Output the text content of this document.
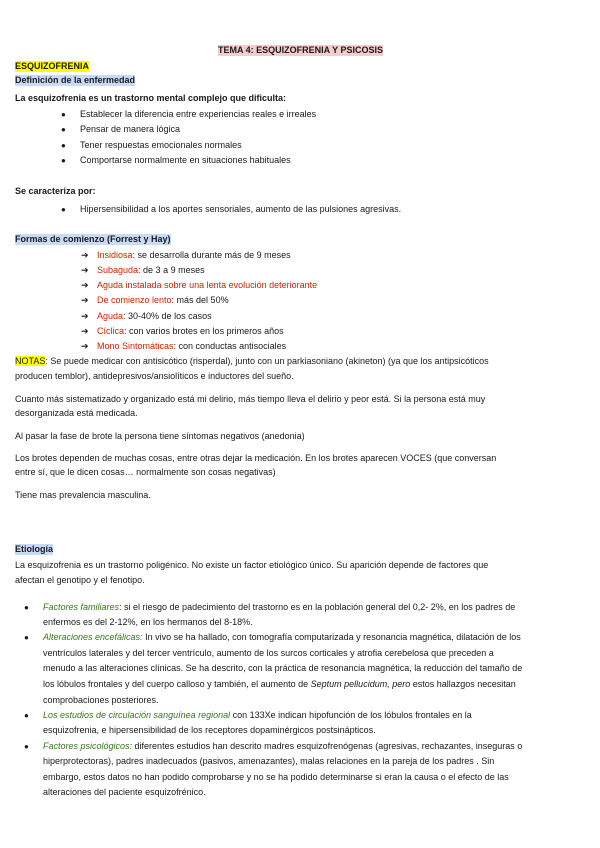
TEMA 4: ESQUIZOFRENIA Y PSICOSIS
ESQUIZOFRENIA
Definición de la enfermedad
La esquizofrenia es un trastorno mental complejo que dificulta:
● Establecer la diferencia entre experiencias reales e irreales
● Pensar de manera lógica
● Tener respuestas emocionales normales
● Comportarse normalmente en situaciones habituales
Se caracteriza por:
● Hipersensibilidad a los aportes sensoriales, aumento de las pulsiones agresivas.
Formas de comienzo (Forrest y Hay)
➔ Insidiosa: se desarrolla durante más de 9 meses
➔ Subaguda: de 3 a 9 meses
➔ Aguda instalada sobre una lenta evolución deteriorante
➔ De comienzo lento: más del 50%
➔ Aguda: 30-40% de los casos
➔ Cíclica: con varios brotes en los primeros años
➔ Mono Sintomáticas: con conductas antisociales
NOTAS: Se puede medicar con antisicótico (risperdal), junto con un parkiasoniano (akineton) (ya que los antipsicóticos
producen temblor), antidepresivos/ansiolíticos e inductores del sueño.
Cuanto más sistematizado y organizado está mi delirio, más tiempo lleva el delirio y peor está. Si la persona está muy
desorganizada está medicada.
Al pasar la fase de brote la persona tiene síntomas negativos (anedonia)
Los brotes dependen de muchas cosas, entre otras dejar la medicación. En los brotes aparecen VOCES (que conversan
entre sí, que le dicen cosas… normalmente son cosas negativas)
Tiene mas prevalencia masculina.
Etiología
La esquizofrenia es un trastorno poligénico. No existe un factor etiológico único. Su aparición depende de factores que
afectan el genotipo y el fenotipo.
● Factores familiares: si el riesgo de padecimiento del trastorno es en la población general del 0,2- 2%, en los padres de
enfermos es del 2-12%, en los hermanos del 8-18%.
● Alteraciones encefálicas: In vivo se ha hallado, con tomografía computarizada y resonancia magnética, dilatación de los
ventrículos laterales y del tercer ventrículo, aumento de los surcos corticales y atrofia cerebelosa que preceden a
menudo a las alteraciones clínicas. Se ha descrito, con la práctica de resonancia magnética, la reducción del tamaño de
los lóbulos frontales y del cuerpo calloso y también, el aumento de Septum pellucidum, pero estos hallazgos necesitan
comprobaciones posteriores.
● Los estudios de circulación sanguínea regional con 133Xe indican hipofunción de los lóbulos frontales en la
esquizofrenia, e hipersensibilidad de los receptores dopaminérgicos postsinápticos.
● Factores psicológicos: diferentes estudios han descrito madres esquizofrenógenas (agresivas, rechazantes, inseguras o
hiperprotectoras), padres inadecuados (pasivos, amenazantes), malas relaciones en la pareja de los padres . Sin
embargo, estos datos no han podido comprobarse y no se ha podido determinarse si eran la causa o el efecto de las
alteraciones del paciente esquizofrénico.
